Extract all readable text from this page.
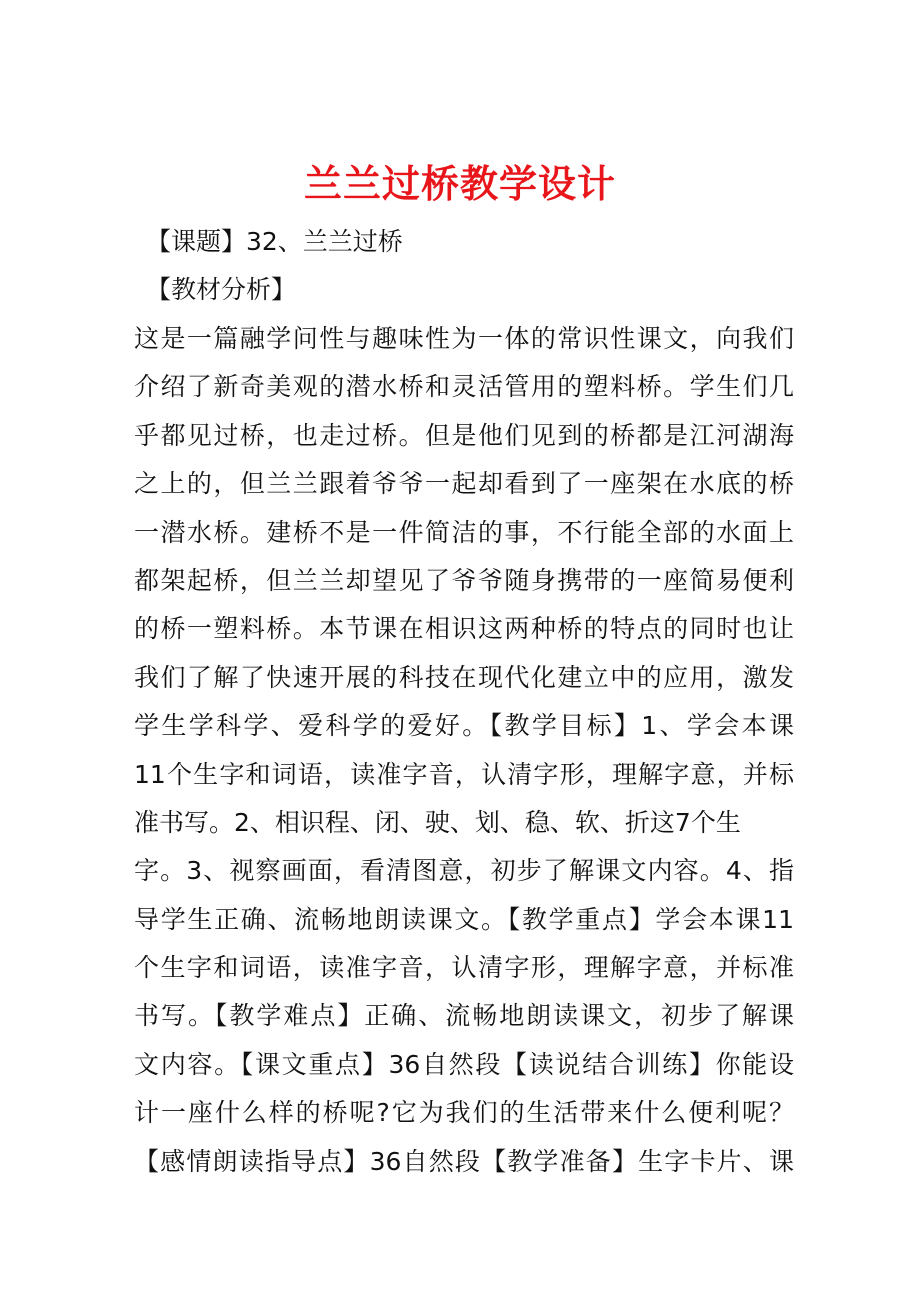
兰兰过桥教学设计
【课题】32、兰兰过桥
【教材分析】
这是一篇融学问性与趣味性为一体的常识性课文，向我们
介绍了新奇美观的潜水桥和灵活管用的塑料桥。学生们几
乎都见过桥，也走过桥。但是他们见到的桥都是江河湖海
之上的，但兰兰跟着爷爷一起却看到了一座架在水底的桥
一潜水桥。建桥不是一件简洁的事，不行能全部的水面上
都架起桥，但兰兰却望见了爷爷随身携带的一座简易便利
的桥一塑料桥。本节课在相识这两种桥的特点的同时也让
我们了解了快速开展的科技在现代化建立中的应用，激发
学生学科学、爱科学的爱好。【教学目标】1、学会本课
11个生字和词语，读准字音，认清字形，理解字意，并标
准书写。2、相识程、闭、驶、划、稳、软、折这7个生
字。3、视察画面，看清图意，初步了解课文内容。4、指
导学生正确、流畅地朗读课文。【教学重点】学会本课11
个生字和词语，读准字音，认清字形，理解字意，并标准
书写。【教学难点】正确、流畅地朗读课文，初步了解课
文内容。【课文重点】36自然段【读说结合训练】你能设
计一座什么样的桥呢?它为我们的生活带来什么便利呢？
【感情朗读指导点】36自然段【教学准备】生字卡片、课
